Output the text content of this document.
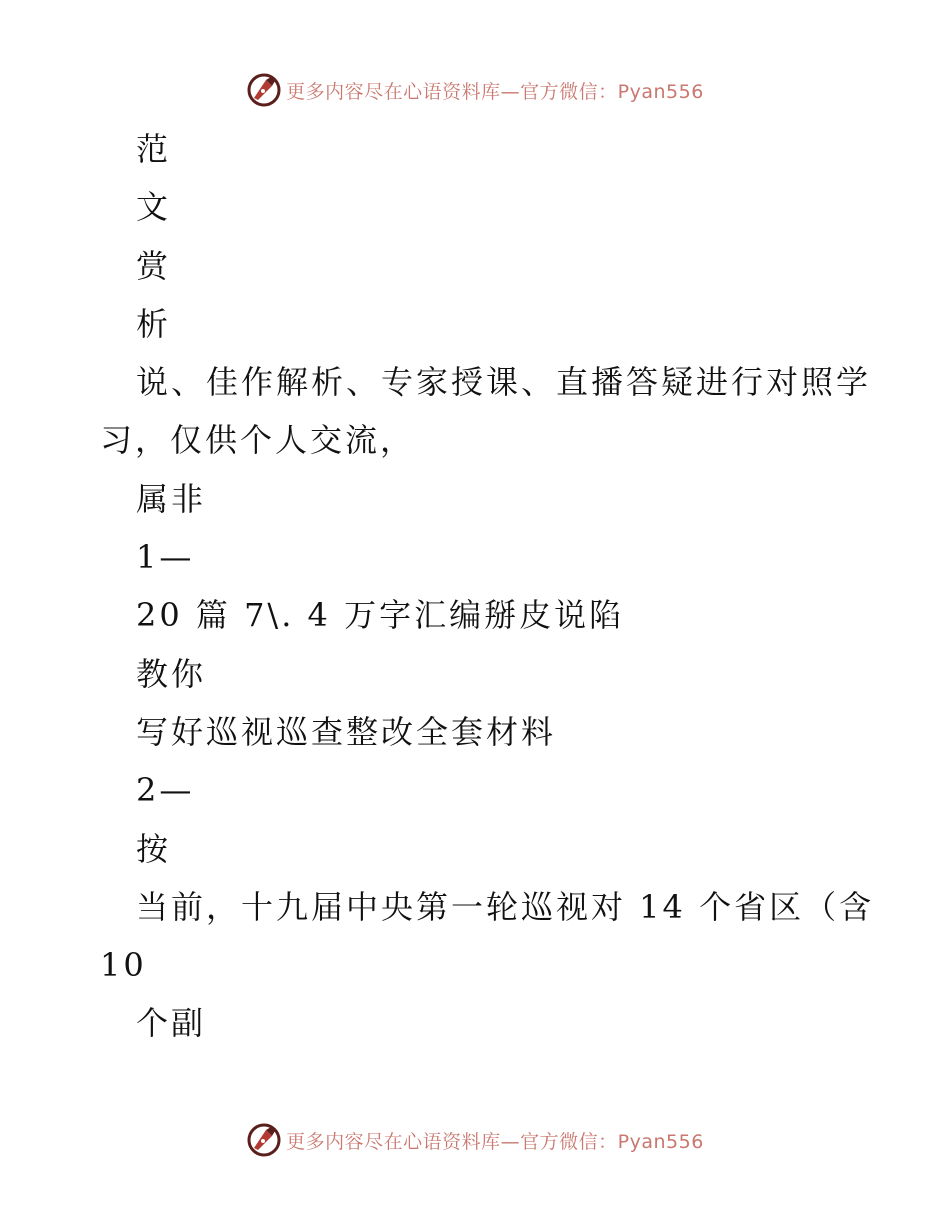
更多内容尽在心语资料库—官方微信：Pyan556
范
文
赏
析
说、佳作解析、专家授课、直播答疑进行对照学
习，仅供个人交流，
属非
1—
20 篇 7\. 4 万字汇编掰皮说陷
教你
写好巡视巡查整改全套材料
2—
按
当前，十九届中央第一轮巡视对 14 个省区（含
10
个副
更多内容尽在心语资料库—官方微信：Pyan556
